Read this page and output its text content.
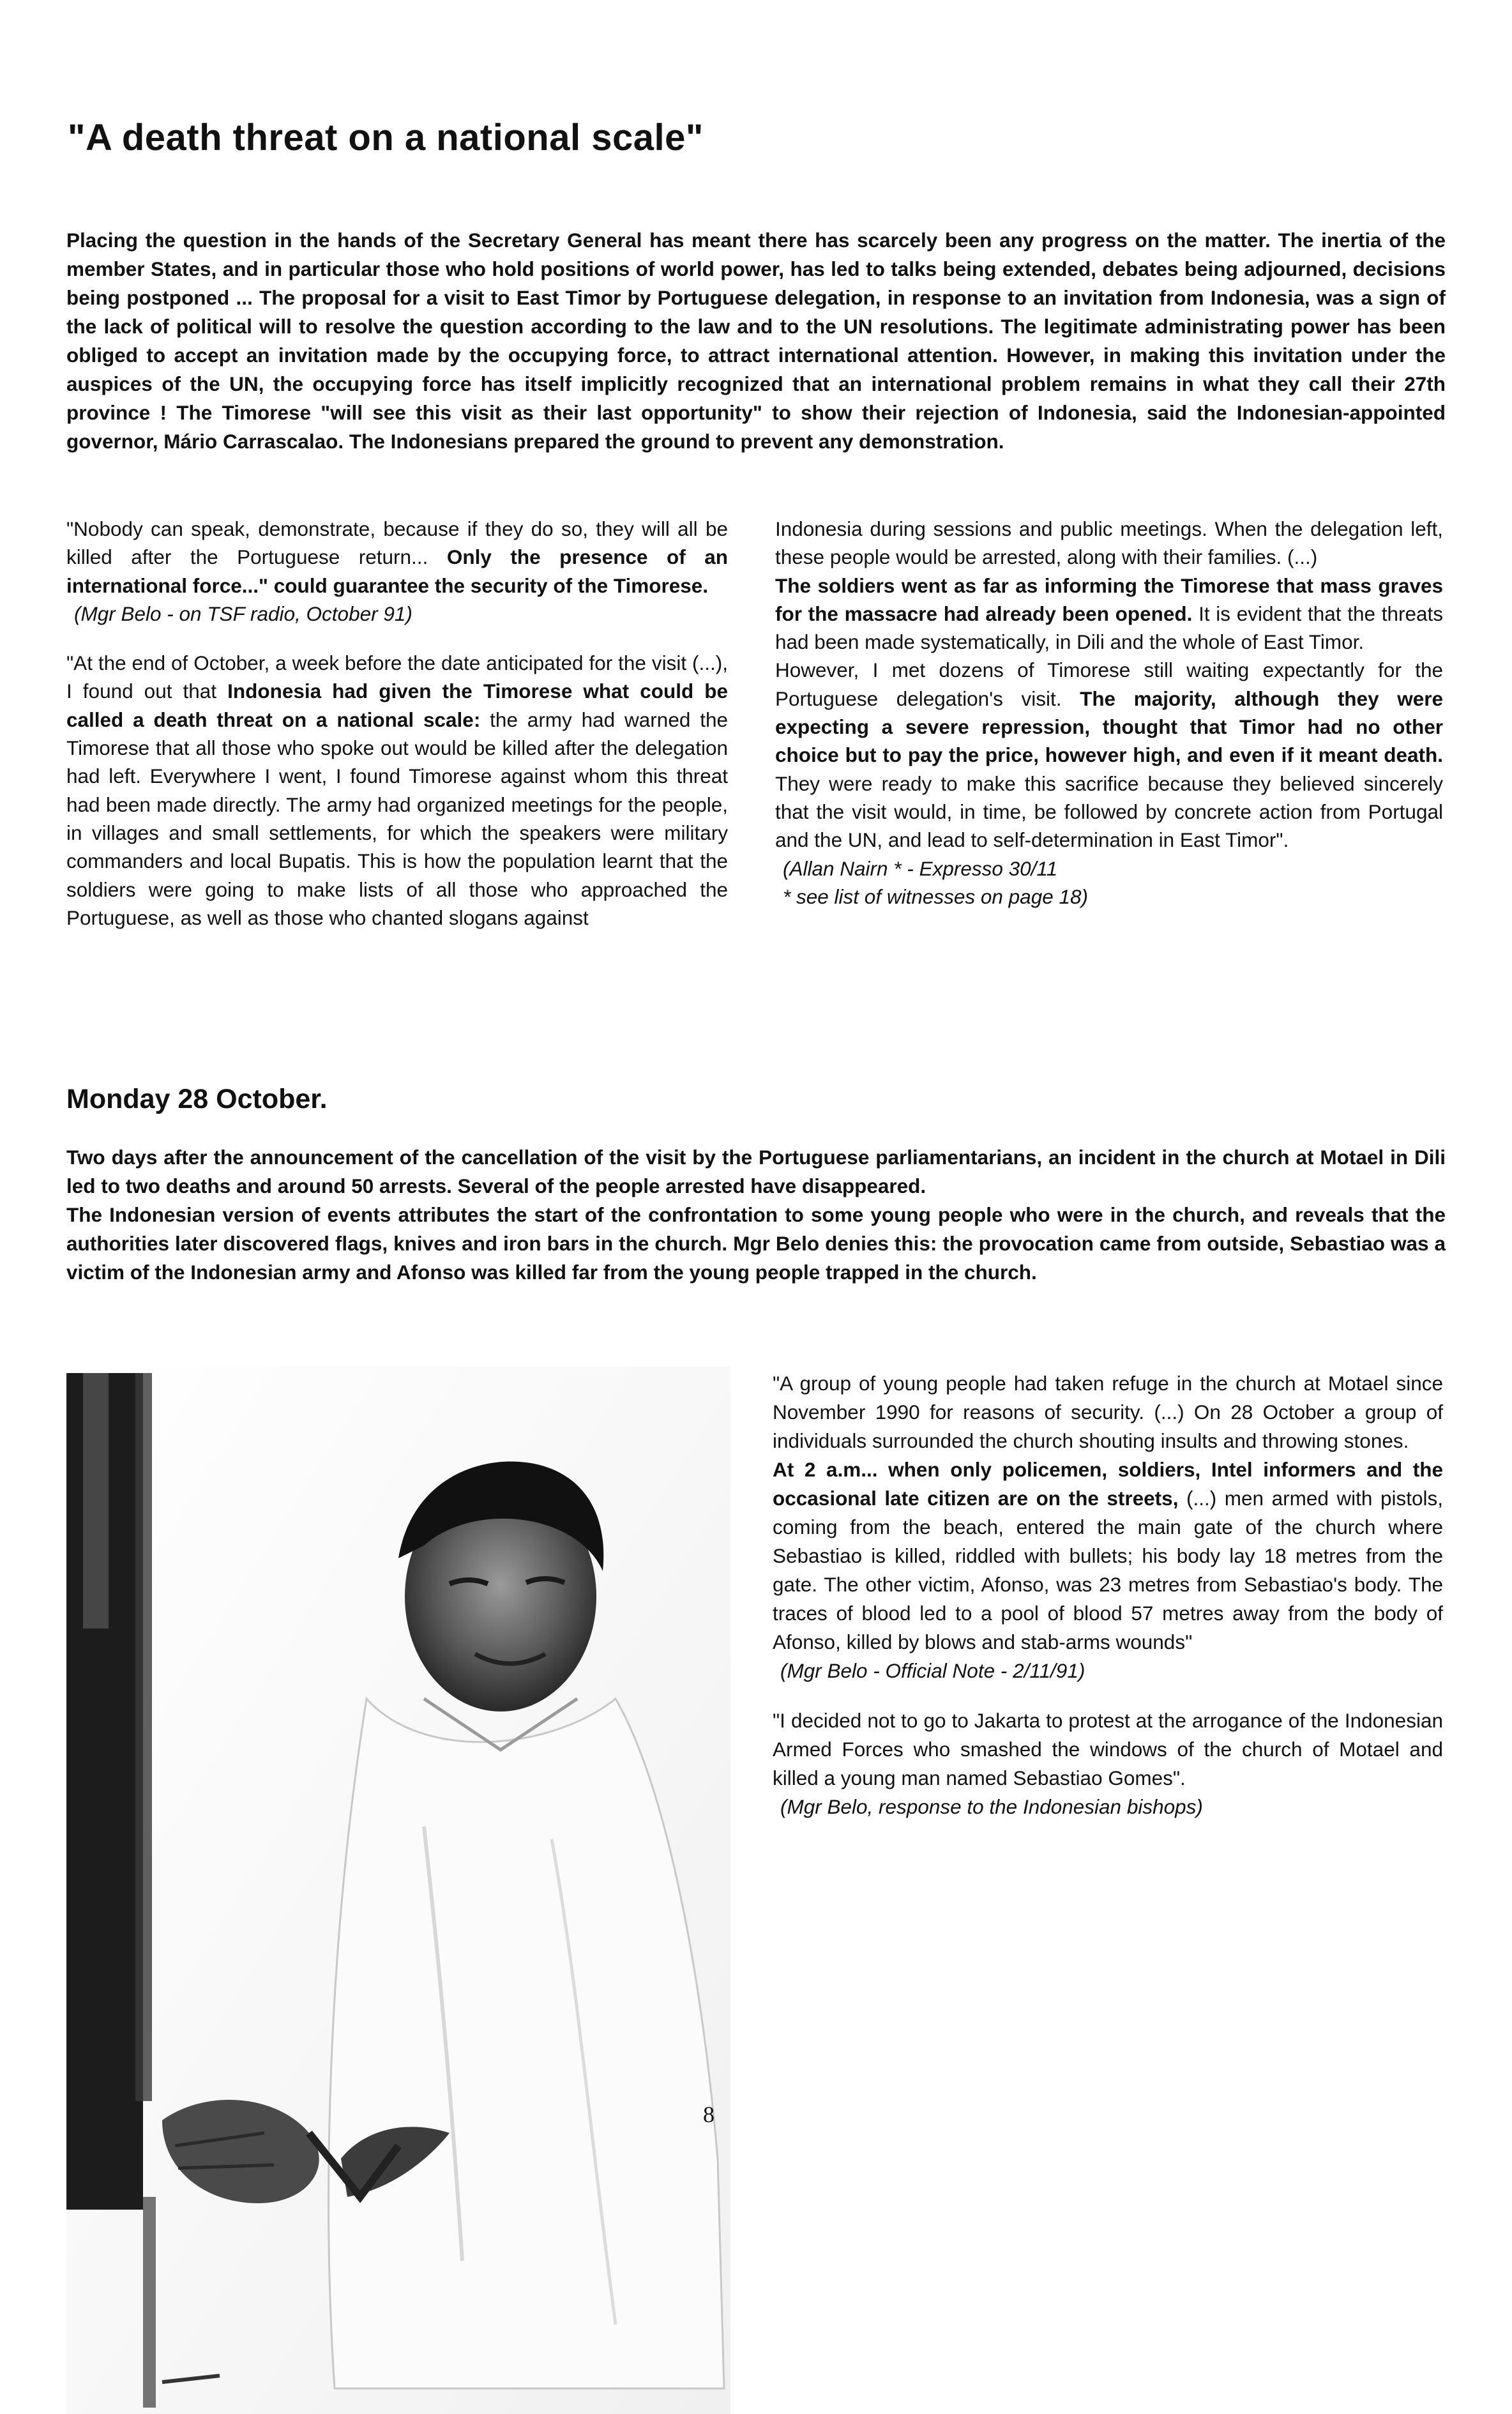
"A death threat on a national scale"

Placing the question in the hands of the Secretary General has meant there has scarcely been any progress on the matter. The inertia of the member States, and in particular those who hold positions of world power, has led to talks being extended, debates being adjourned, decisions being postponed ... The proposal for a visit to East Timor by Portuguese delegation, in response to an invitation from Indonesia, was a sign of the lack of political will to resolve the question according to the law and to the UN resolutions. The legitimate administrating power has been obliged to accept an invitation made by the occupying force, to attract international attention. However, in making this invitation under the auspices of the UN, the occupying force has itself implicitly recognized that an international problem remains in what they call their 27th province ! The Timorese "will see this visit as their last opportunity" to show their rejection of Indonesia, said the Indonesian-appointed governor, Mário Carrascalao. The Indonesians prepared the ground to prevent any demonstration.

"Nobody can speak, demonstrate, because if they do so, they will all be killed after the Portuguese return... Only the presence of an international force..." could guarantee the security of the Timorese.

(Mgr Belo - on TSF radio, October 91)

"At the end of October, a week before the date anticipated for the visit (...), I found out that Indonesia had given the Timorese what could be called a death threat on a national scale: the army had warned the Timorese that all those who spoke out would be killed after the delegation had left. Everywhere I went, I found Timorese against whom this threat had been made directly. The army had organized meetings for the people, in villages and small settlements, for which the speakers were military commanders and local Bupatis. This is how the population learnt that the soldiers were going to make lists of all those who approached the Portuguese, as well as those who chanted slogans against

Monday 28 October.

Two days after the announcement of the cancellation of the visit by the Portuguese parliamentarians, an incident in the church at Motael in Dili led to two deaths and around 50 arrests. Several of the people arrested have disappeared.

The Indonesian version of events attributes the start of the confrontation to some young people who were in the church, and reveals that the authorities later discovered flags, knives and iron bars in the church. Mgr Belo denies this: the provocation came from outside, Sebastiao was a victim of the Indonesian army and Afonso was killed far from the young people trapped in the church.

"A group of young people had taken refuge in the church at Motael since November 1990 for reasons of security. (...) On 28 October a group of individuals surrounded the church shouting insults and throwing stones.

At 2 a.m... when only policemen, soldiers, Intel informers and the occasional late citizen are on the streets, (...) men armed with pistols, coming from the beach, entered the main gate of the church where Sebastiao is killed, riddled with bullets; his body lay 18 metres from the gate. The other victim, Afonso, was 23 metres from Sebastiao's body. The traces of blood led to a pool of blood 57 metres away from the body of Afonso, killed by blows and stab-arms wounds"

(Mgr Belo - Official Note - 2/11/91)

"I decided not to go to Jakarta to protest at the arrogance of the Indonesian Armed Forces who smashed the windows of the church of Motael and killed a young man named Sebastiao Gomes".

(Mgr Belo, response to the Indonesian bishops)

8

Indonesia during sessions and public meetings. When the delegation left, these people would be arrested, along with their families. (...)

The soldiers went as far as informing the Timorese that mass graves for the massacre had already been opened. It is evident that the threats had been made systematically, in Dili and the whole of East Timor.

However, I met dozens of Timorese still waiting expectantly for the Portuguese delegation's visit. The majority, although they were expecting a severe repression, thought that Timor had no other choice but to pay the price, however high, and even if it meant death. They were ready to make this sacrifice because they believed sincerely that the visit would, in time, be followed by concrete action from Portugal and the UN, and lead to self-determination in East Timor".

(Allan Nairn * - Expresso 30/11

* see list of witnesses on page 18)
